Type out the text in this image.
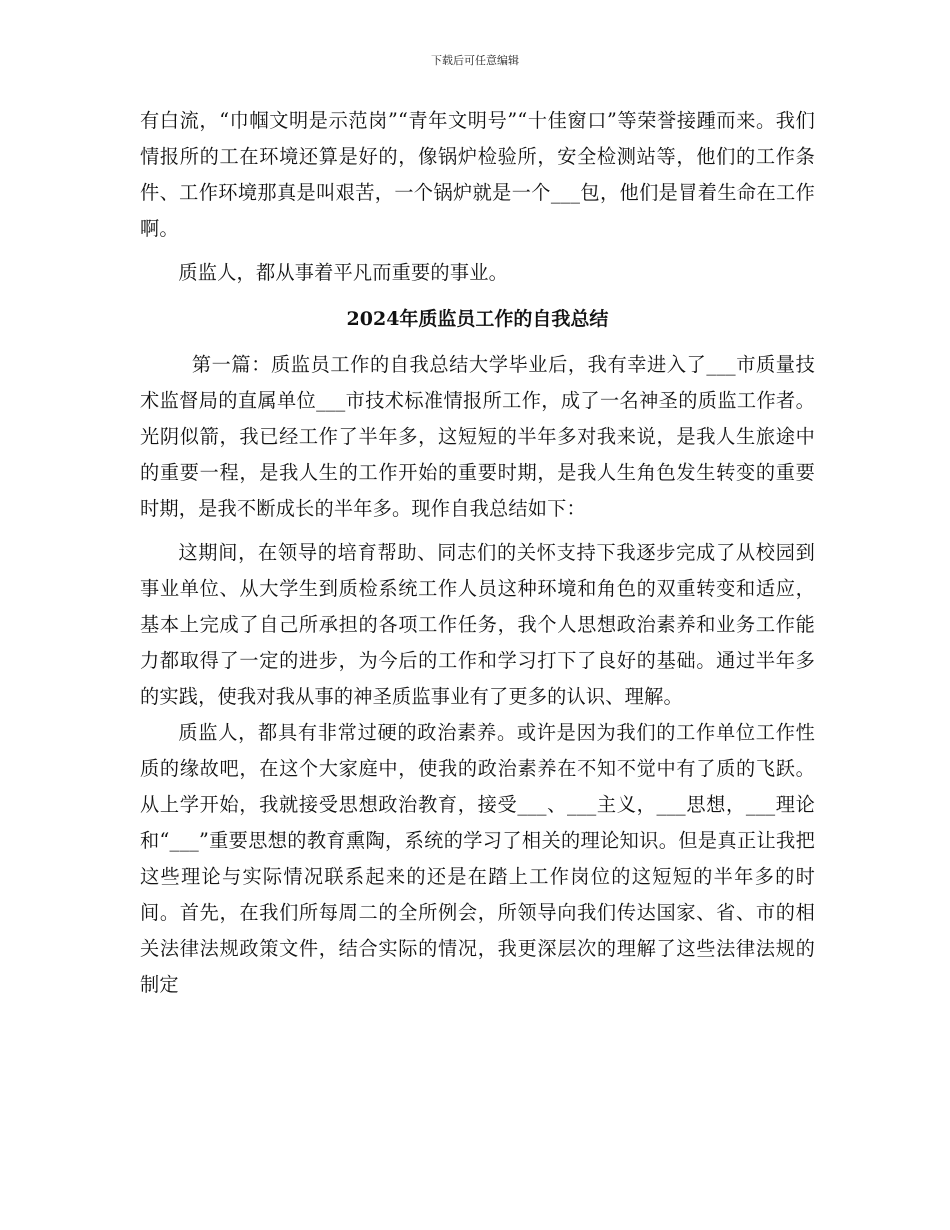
下载后可任意编辑

有白流，“巾帼文明是示范岗”“青年文明号”“十佳窗口”等荣誉接踵而来。我们情报所的工在环境还算是好的，像锅炉检验所，安全检测站等，他们的工作条件、工作环境那真是叫艰苦，一个锅炉就是一个___包，他们是冒着生命在工作啊。

质监人，都从事着平凡而重要的事业。

2024年质监员工作的自我总结

第一篇：质监员工作的自我总结大学毕业后，我有幸进入了___市质量技术监督局的直属单位___市技术标准情报所工作，成了一名神圣的质监工作者。光阴似箭，我已经工作了半年多，这短短的半年多对我来说，是我人生旅途中的重要一程，是我人生的工作开始的重要时期，是我人生角色发生转变的重要时期，是我不断成长的半年多。现作自我总结如下：

这期间，在领导的培育帮助、同志们的关怀支持下我逐步完成了从校园到事业单位、从大学生到质检系统工作人员这种环境和角色的双重转变和适应，基本上完成了自己所承担的各项工作任务，我个人思想政治素养和业务工作能力都取得了一定的进步，为今后的工作和学习打下了良好的基础。通过半年多的实践，使我对我从事的神圣质监事业有了更多的认识、理解。

质监人，都具有非常过硬的政治素养。或许是因为我们的工作单位工作性质的缘故吧，在这个大家庭中，使我的政治素养在不知不觉中有了质的飞跃。从上学开始，我就接受思想政治教育，接受___、___主义，___思想，___理论和“___”重要思想的教育熏陶，系统的学习了相关的理论知识。但是真正让我把这些理论与实际情况联系起来的还是在踏上工作岗位的这短短的半年多的时间。首先，在我们所每周二的全所例会，所领导向我们传达国家、省、市的相关法律法规政策文件，结合实际的情况，我更深层次的理解了这些法律法规的制定
